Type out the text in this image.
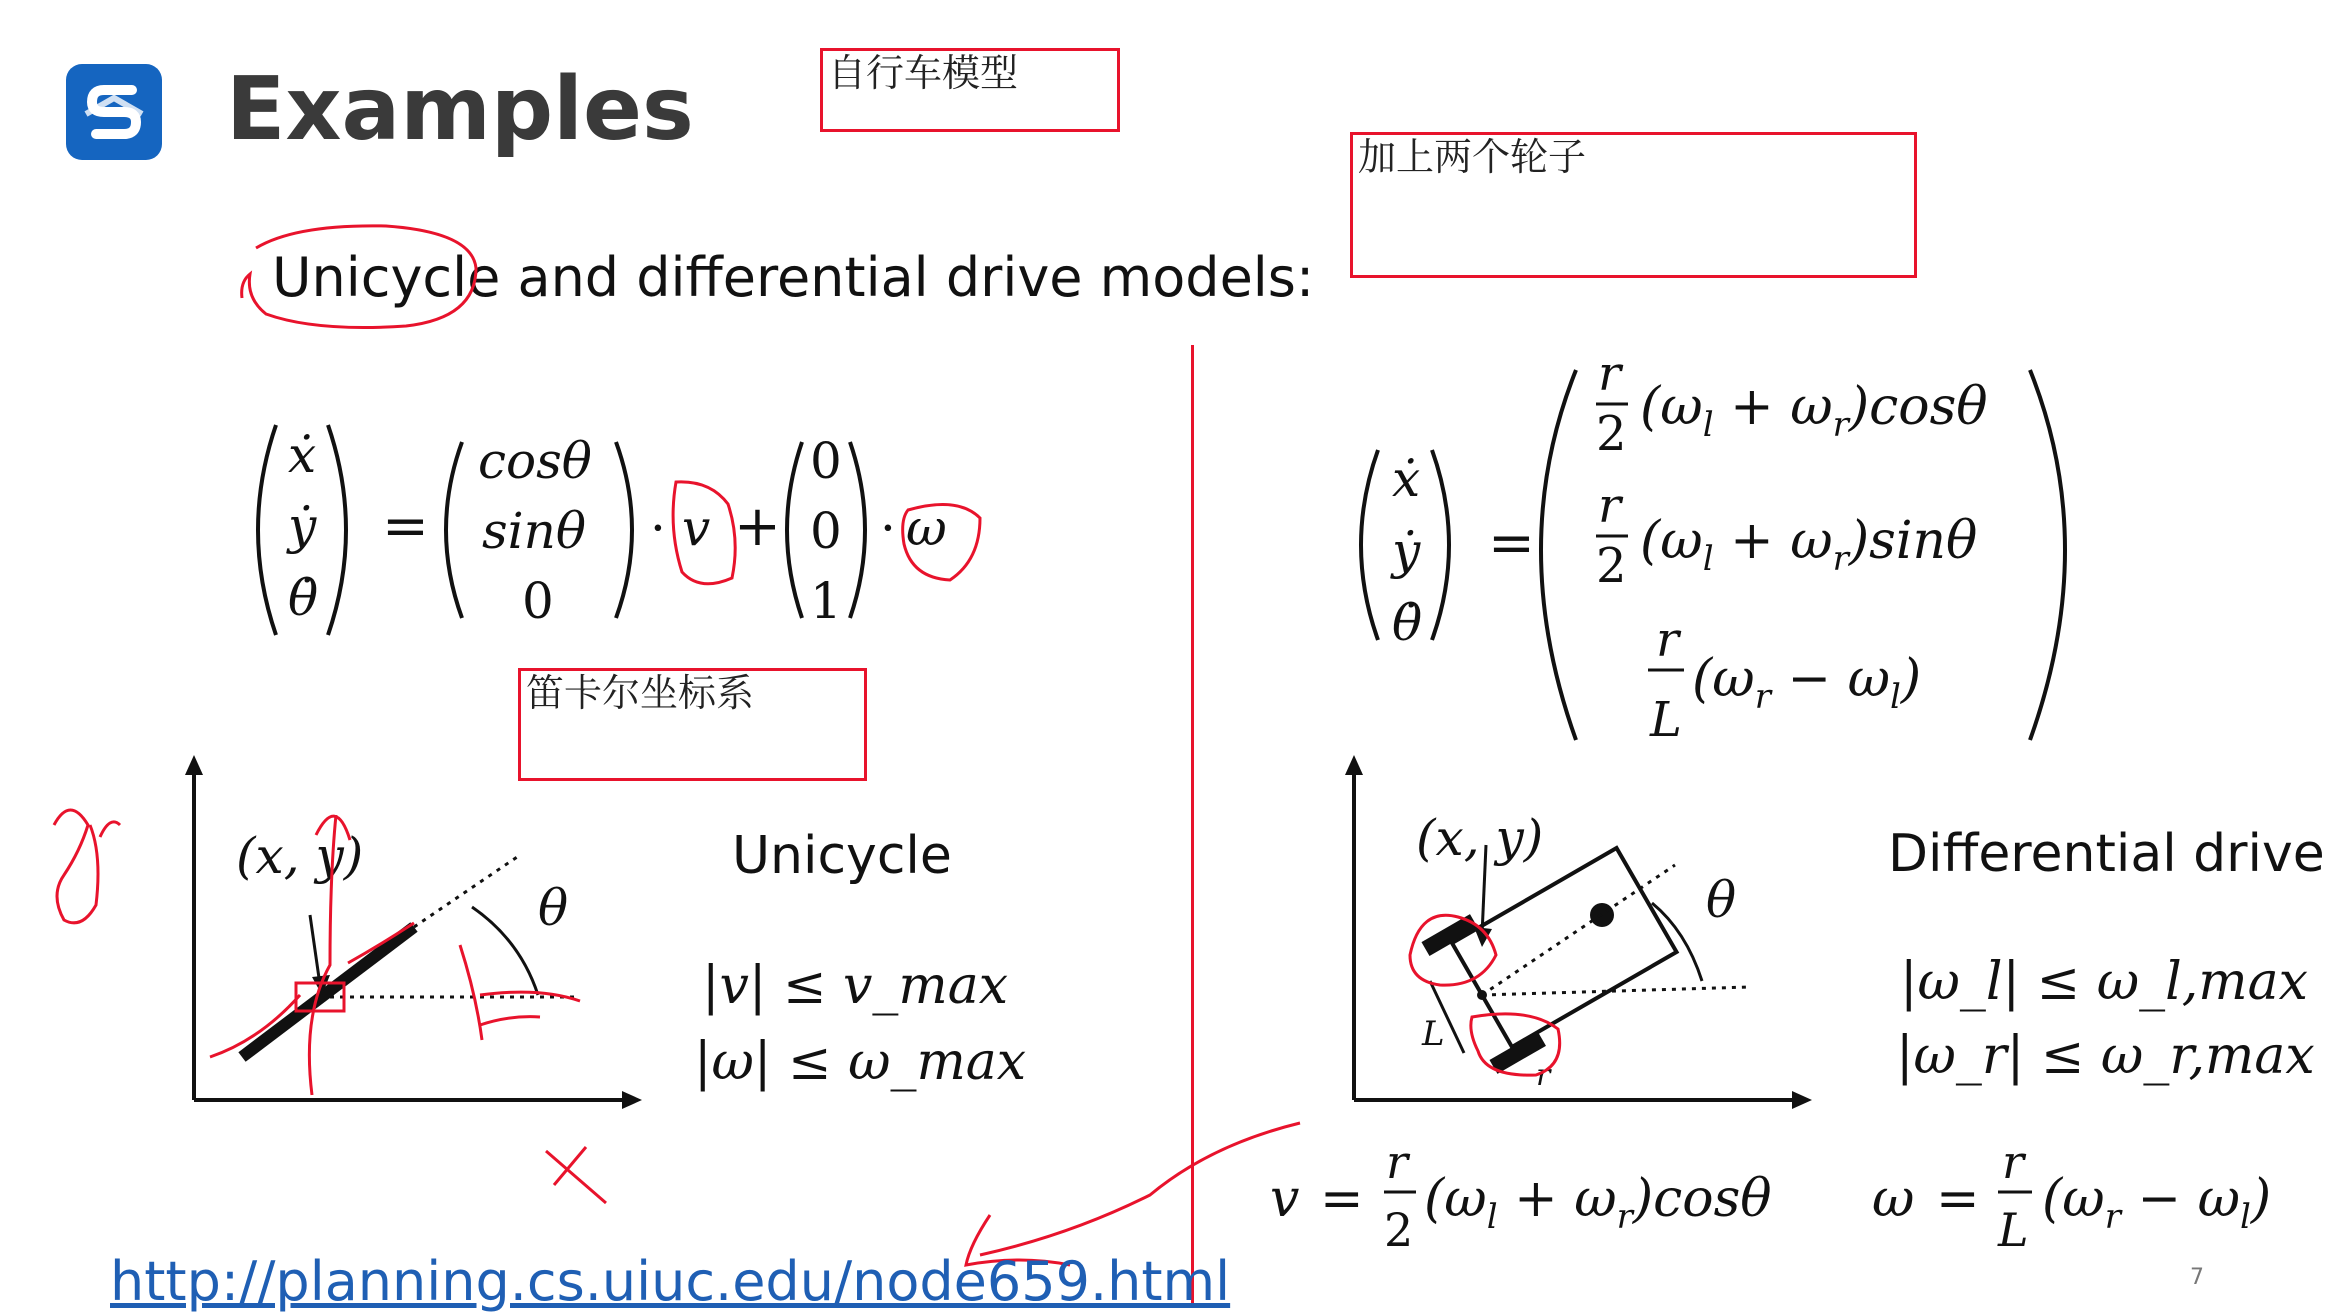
Examples
Unicycle and differential drive models:
自行车模型
加上两个轮子
笛卡尔坐标系
ẋ
ẏ
θ̇
=
cosθ
sinθ
0
· v +
0
0
1
· ω
ẋ
ẏ
θ̇
=
r
2 $(\omega_l + \omega_r)\cos\theta$
r
2 $(\omega_l + \omega_r)\sin\theta$
r
L
$(\omega_r - \omega_l)$
(x, y)
θ
Unicycle
|v| ≤ v_max
|ω| ≤ ω_max
(x, y)
θ
L
r
Differential drive
|ω_l| ≤ ω_l,max
|ω_r| ≤ ω_r,max
v =
r
2
$(\omega_l + \omega_r)\cos\theta$ ω =
r
L
$(\omega_r - \omega_l)$
http://planning.cs.uiuc.edu/node659.html	7
